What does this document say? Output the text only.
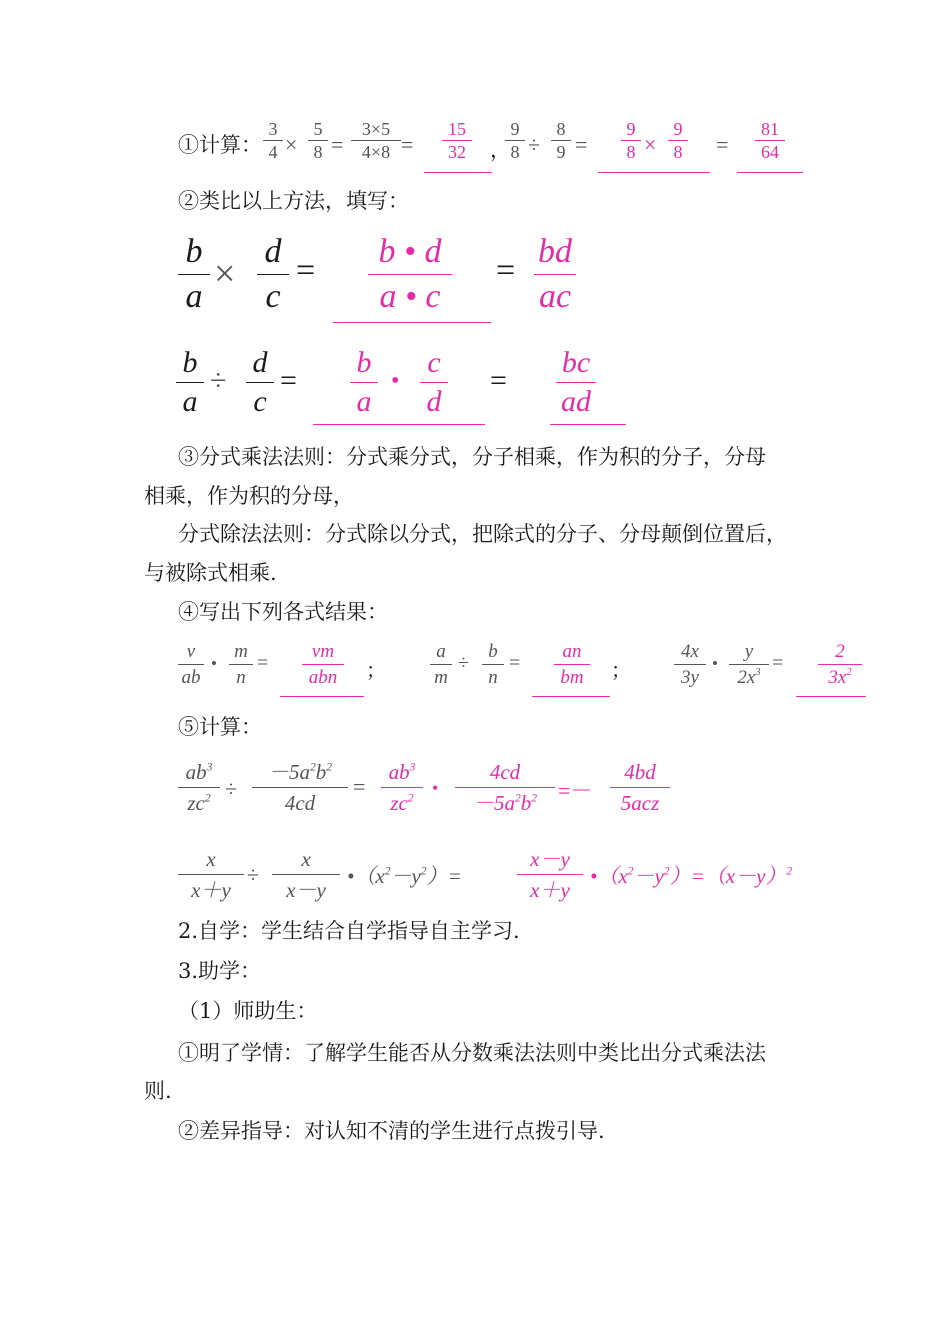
①计算：
3
4 ×
5
8 =
3×5
4×8 =
15
32 ，
9
8 ÷
8
9 =
9
8 ×
9
8 =
81
64
②类比以上方法，填写：
b
a
×
d
c
=
b • d
a • c
=
bd
ac
b
a
÷
d
c
=
b
a
•
c
d
=
bc
ad
③分式乘法法则：分式乘分式，分子相乘，作为积的分子，分母
相乘，作为积的分母，
分式除法法则：分式除以分式，把除式的分子、分母颠倒位置后，
与被除式相乘.
④写出下列各式结果：
v
ab
•
m
n
=
vm
abn	；
a
m
÷
b
n
=
an
bm	；
4x
3y
•
y
$2x^3$ =
2
$3x^2$
⑤计算：
$ab^3$
$zc^2$ ÷
$-5a^2b^2$
4cd
=
$ab^3$
$zc^2$
•
4cd
$-5a^2b^2$ =－
4bd
5acz
x
x＋y
÷
x
x－y
$•(x^2-y^2)=$
x－y
x＋y
$•(x^2-y^2)=(x-y)^2$
2.自学：学生结合自学指导自主学习.
3.助学：
（1）师助生：
①明了学情：了解学生能否从分数乘法法则中类比出分式乘法法
则.
②差异指导：对认知不清的学生进行点拨引导.
